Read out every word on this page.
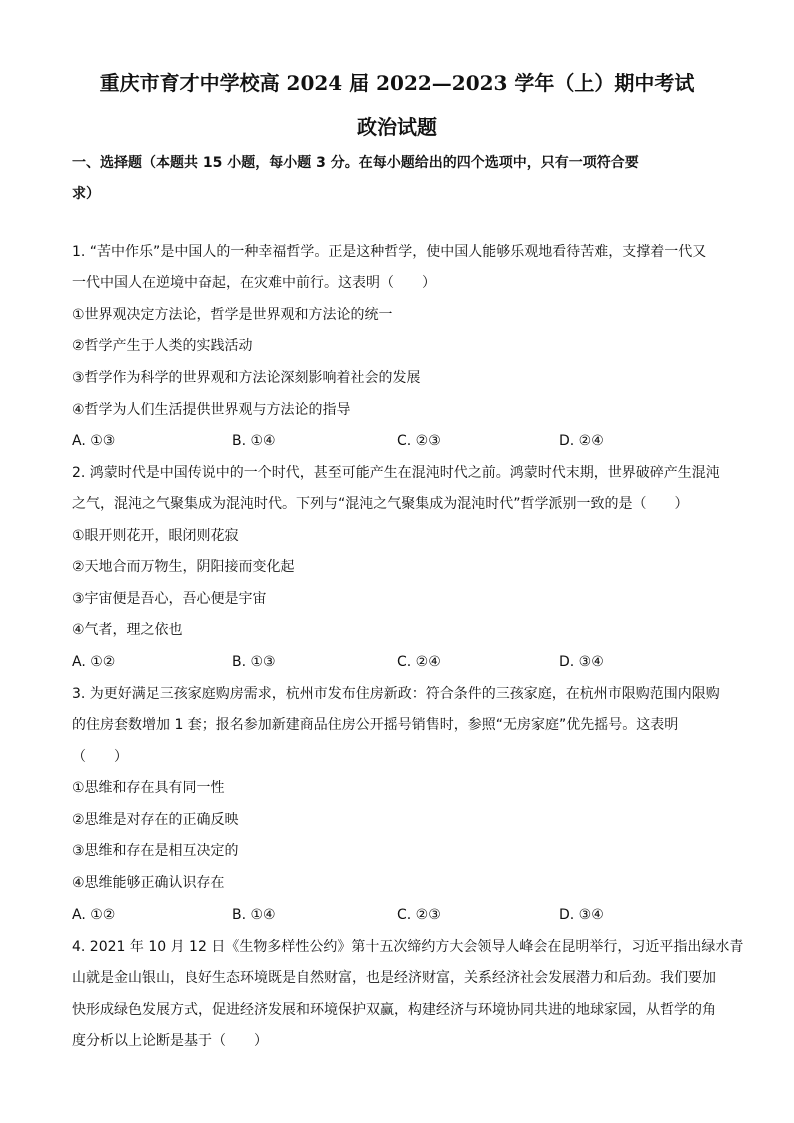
重庆市育才中学校高 2024 届 2022—2023 学年（上）期中考试
政治试题
一、选择题（本题共 15 小题，每小题 3 分。在每小题给出的四个选项中，只有一项符合要
求）
1. “苦中作乐”是中国人的一种幸福哲学。正是这种哲学，使中国人能够乐观地看待苦难，支撑着一代又
一代中国人在逆境中奋起，在灾难中前行。这表明（　　）
①世界观决定方法论，哲学是世界观和方法论的统一
②哲学产生于人类的实践活动
③哲学作为科学的世界观和方法论深刻影响着社会的发展
④哲学为人们生活提供世界观与方法论的指导
A. ①③	B. ①④	C. ②③	D. ②④
2. 鸿蒙时代是中国传说中的一个时代，甚至可能产生在混沌时代之前。鸿蒙时代末期，世界破碎产生混沌
之气，混沌之气聚集成为混沌时代。下列与“混沌之气聚集成为混沌时代”哲学派别一致的是（　　）
①眼开则花开，眼闭则花寂
②天地合而万物生，阴阳接而变化起
③宇宙便是吾心，吾心便是宇宙
④气者，理之依也
A. ①②	B. ①③	C. ②④	D. ③④
3. 为更好满足三孩家庭购房需求，杭州市发布住房新政：符合条件的三孩家庭，在杭州市限购范围内限购
的住房套数增加 1 套；报名参加新建商品住房公开摇号销售时，参照“无房家庭”优先摇号。这表明
（　　）
①思维和存在具有同一性
②思维是对存在的正确反映
③思维和存在是相互决定的
④思维能够正确认识存在
A. ①②	B. ①④	C. ②③	D. ③④
4. 2021 年 10 月 12 日《生物多样性公约》第十五次缔约方大会领导人峰会在昆明举行，习近平指出绿水青
山就是金山银山，良好生态环境既是自然财富，也是经济财富，关系经济社会发展潜力和后劲。我们要加
快形成绿色发展方式，促进经济发展和环境保护双赢，构建经济与环境协同共进的地球家园，从哲学的角
度分析以上论断是基于（　　）
